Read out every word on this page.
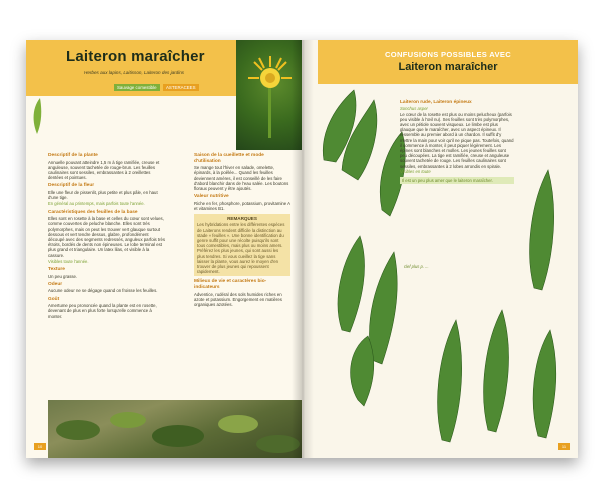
Laiteron maraîcher
Herbes aux lapins, Laitisson, Laiteron des jardins
Sauvage comestible	ASTERACEES
Descriptif de la plante

Annuelle pouvant atteindre 1,5 m à tige ramifiée, creuse et anguleuse, souvent tachetée de rouge-brun. Les feuilles caulinaires sont sessiles, embrassantes à 2 oreillettes dentées et pointues.

Descriptif de la fleur

Elle une fleur de pissenlit, plus petite et plus pâle, en haut d'une tige.

En général au printemps, mais parfois toute l'année.
Caractéristiques des feuilles de la base

Elles sont en rosette à la base et celles du cœur sont velues, comme couvertes de peluche blanche. Elles sont très polymorphes, mais on peut les trouver vert glauque surtout dessous et vert tendre dessus, glabre, profondément découpé avec des segments redressés, anguleux parfois très étroits, bordés de dents non épineuses. Le lobe terminal est plus grand et triangulaire. Un latex lilas, et visible à la cassure.

Visibles toute l'année.
Texture

Un peu grasse.

Odeur

Aucune odeur ne se dégage quand on froisse les feuilles.

Goût

Amertume peu prononcée quand la plante est en rosette, devenant de plus en plus forte lorsqu'elle commence à monter.

Saison de la cueillette et mode d'utilisation

Se mange tout l'hiver en salade, omelette, épinards, à la poêlée... Quand les feuilles deviennent amères, il est conseillé de les faire d'abord blanchir dans de l'eau salée. Les boutons floraux peuvent y être ajoutés.

Valeur nutritive

Riche en fer, phosphore, potassium, provitamine A et vitamines B1.

REMARQUES
Les hybridations entre les différentes espèces de Laiterons rendent difficile la distinction au stade « feuilles ». Une bonne identification du genre suffit pour une récolte puisqu'ils sont tous comestibles, mais plus ou moins amers. Préférez les plus jeunes, qui sont aussi les plus tendres. Si vous cueillez la tige sans laisser la plante, vous aurez le moyen d'en trouver de plus jeunes qui repoussent rapidement.
Milieux de vie et caractères bio-indicateurs

Adventice, rudéral des sols humides riches en azote et potassium. Engorgement en matières organiques azotées.

10
CONFUSIONS POSSIBLES AVEC
Laiteron maraîcher
Laiteron rude, Laiteron épineux
Sonchus asper

Le cœur de la rosette est plus ou moins pelucheux (parfois peu visible à l'œil nu). Ses feuilles sont très polymorphes, avec un pétiole souvent visqueux. Le limbe est plus glauque que le maraîcher, avec un aspect épineux. Il ressemble au premier abord à un chardon. Il suffit d'y mettre la main pour voir qu'il ne pique pas. Toutefois, quand il commence à monter, il peut piquer légèrement. Les épines sont blanches et molles. Les jeunes feuilles sont peu découpées. La tige est ramifiée, creuse et anguleuse souvent tachetée de rouge. Les feuilles caulinaires sont sessiles, embrassantes à 2 lobes arrondis en spirale.

Visibles en toute
Il est un peu plus amer que le laiteron maraîcher.
clef plus p. ...
11
